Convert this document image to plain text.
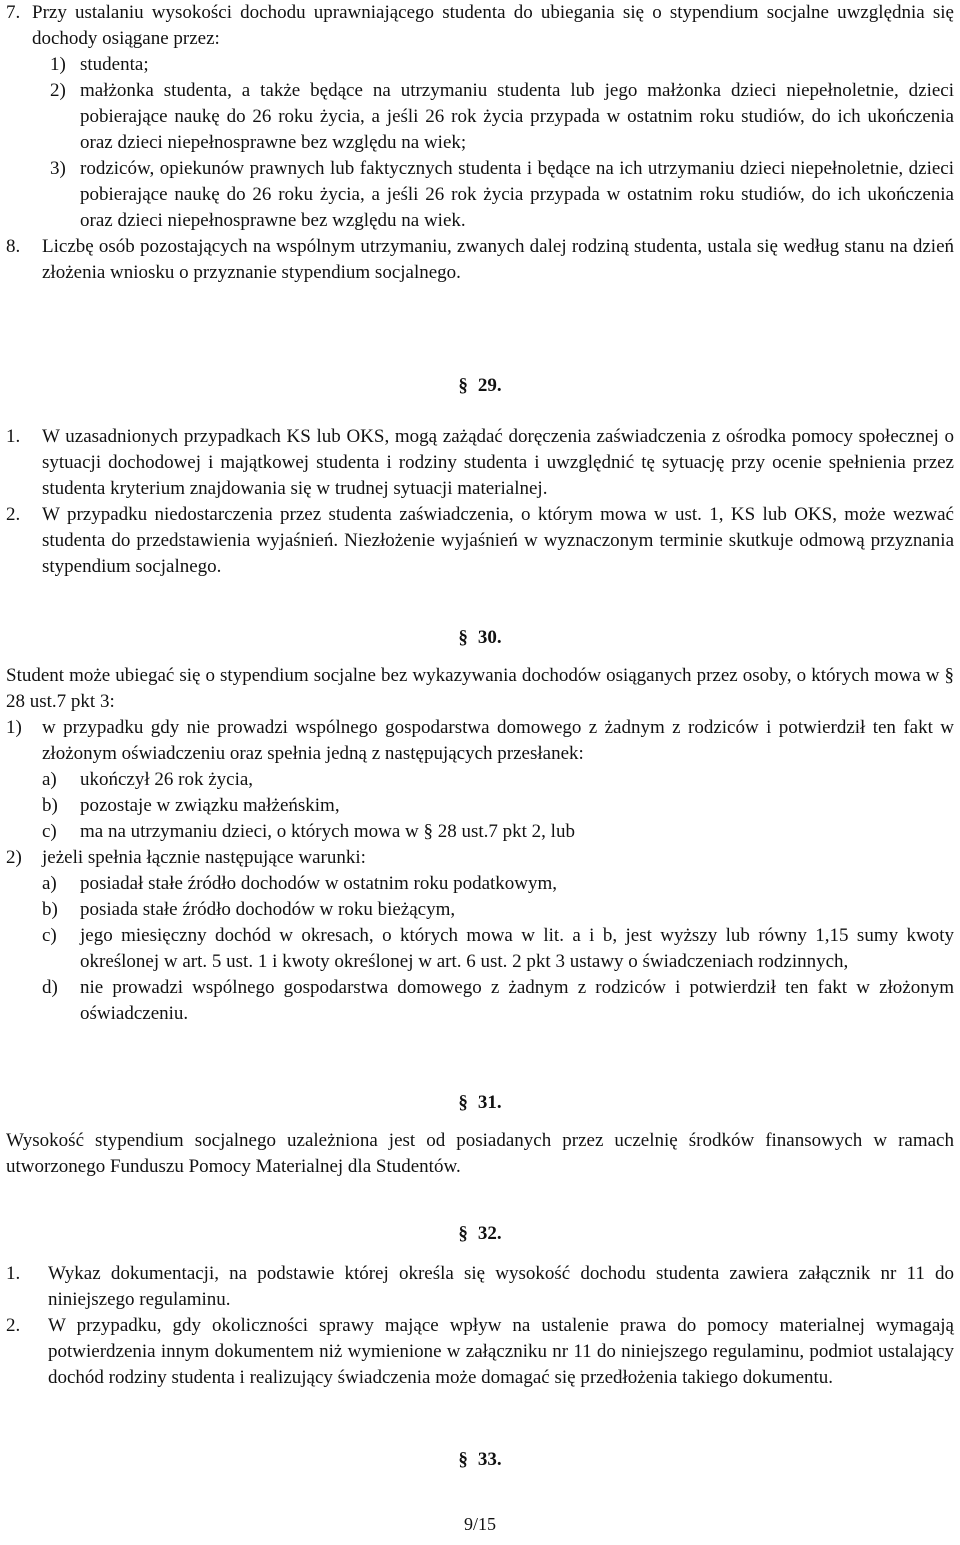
7. Przy ustalaniu wysokości dochodu uprawniającego studenta do ubiegania się o stypendium socjalne uwzględnia się dochody osiągane przez:
1) studenta;
2) małżonka studenta, a także będące na utrzymaniu studenta lub jego małżonka dzieci niepełnoletnie, dzieci pobierające naukę do 26 roku życia, a jeśli 26 rok życia przypada w ostatnim roku studiów, do ich ukończenia oraz dzieci niepełnosprawne bez względu na wiek;
3) rodziców, opiekunów prawnych lub faktycznych studenta i będące na ich utrzymaniu dzieci niepełnoletnie, dzieci pobierające naukę do 26 roku życia, a jeśli 26 rok życia przypada w ostatnim roku studiów, do ich ukończenia oraz dzieci niepełnosprawne bez względu na wiek.
8. Liczbę osób pozostających na wspólnym utrzymaniu, zwanych dalej rodziną studenta, ustala się według stanu na dzień złożenia wniosku o przyznanie stypendium socjalnego.
§ 29.
1. W uzasadnionych przypadkach KS lub OKS, mogą zażądać doręczenia zaświadczenia z ośrodka pomocy społecznej o sytuacji dochodowej i majątkowej studenta i rodziny studenta i uwzględnić tę sytuację przy ocenie spełnienia przez studenta kryterium znajdowania się w trudnej sytuacji materialnej.
2. W przypadku niedostarczenia przez studenta zaświadczenia, o którym mowa w ust. 1, KS lub OKS, może wezwać studenta do przedstawienia wyjaśnień. Niezłożenie wyjaśnień w wyznaczonym terminie skutkuje odmową przyznania stypendium socjalnego.
§ 30.
Student może ubiegać się o stypendium socjalne bez wykazywania dochodów osiąganych przez osoby, o których mowa w § 28 ust.7 pkt 3:
1) w przypadku gdy nie prowadzi wspólnego gospodarstwa domowego z żadnym z rodziców i potwierdził ten fakt w złożonym oświadczeniu oraz spełnia jedną z następujących przesłanek:
a) ukończył 26 rok życia,
b) pozostaje w związku małżeńskim,
c) ma na utrzymaniu dzieci, o których mowa w § 28 ust.7 pkt 2, lub
2) jeżeli spełnia łącznie następujące warunki:
a) posiadał stałe źródło dochodów w ostatnim roku podatkowym,
b) posiada stałe źródło dochodów w roku bieżącym,
c) jego miesięczny dochód w okresach, o których mowa w lit. a i b, jest wyższy lub równy 1,15 sumy kwoty określonej w art. 5 ust. 1 i kwoty określonej w art. 6 ust. 2 pkt 3 ustawy o świadczeniach rodzinnych,
d) nie prowadzi wspólnego gospodarstwa domowego z żadnym z rodziców i potwierdził ten fakt w złożonym oświadczeniu.
§ 31.
Wysokość stypendium socjalnego uzależniona jest od posiadanych przez uczelnię środków finansowych w ramach utworzonego Funduszu Pomocy Materialnej dla Studentów.
§ 32.
1. Wykaz dokumentacji, na podstawie której określa się wysokość dochodu studenta zawiera załącznik nr 11 do niniejszego regulaminu.
2. W przypadku, gdy okoliczności sprawy mające wpływ na ustalenie prawa do pomocy materialnej wymagają potwierdzenia innym dokumentem niż wymienione w załączniku nr 11 do niniejszego regulaminu, podmiot ustalający dochód rodziny studenta i realizujący świadczenia może domagać się przedłożenia takiego dokumentu.
§ 33.
9/15
